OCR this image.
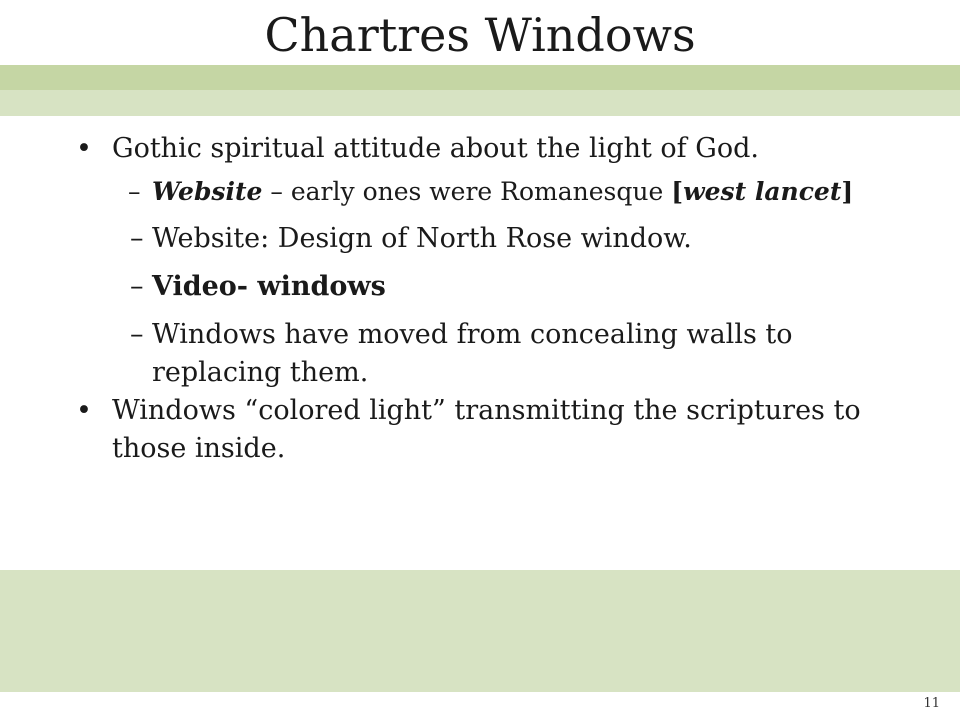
Chartres Windows
• Gothic spiritual attitude about the light of God.
– Website – early ones were Romanesque [west lancet]
– Website: Design of North Rose window.
– Video- windows
– Windows have moved from concealing walls to replacing them.
• Windows “colored light” transmitting the scriptures to those inside.
11
